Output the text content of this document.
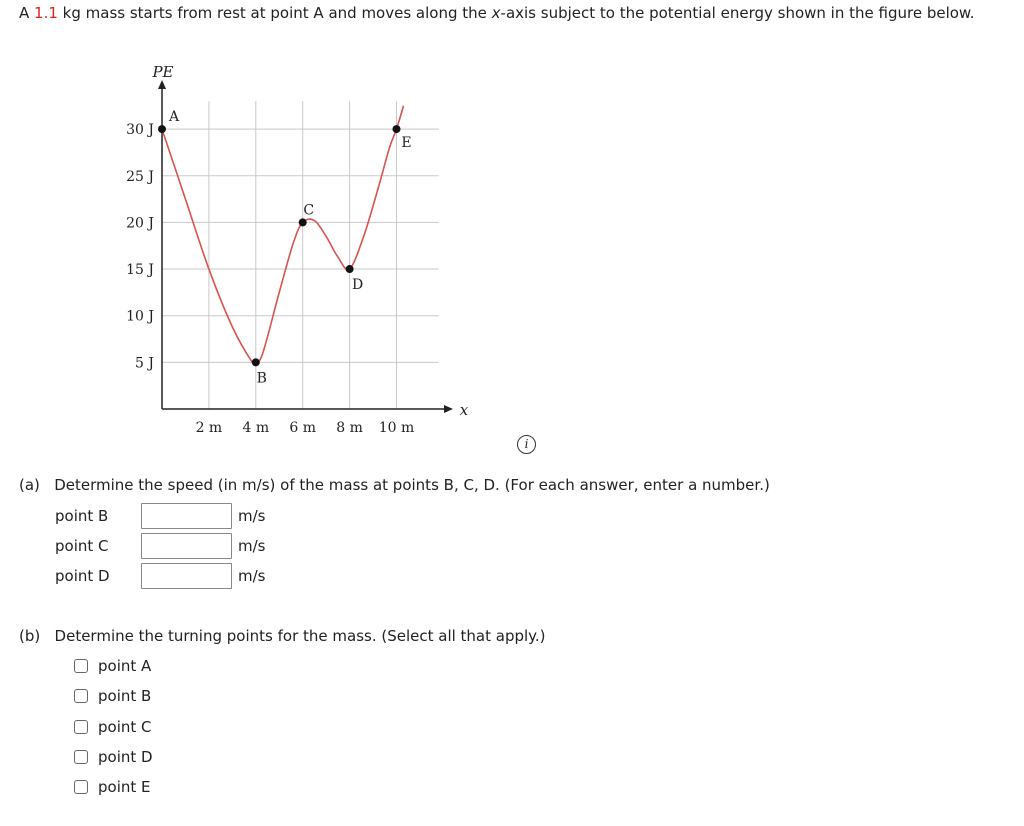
A 1.1 kg mass starts from rest at point A and moves along the x-axis subject to the potential energy shown in the figure below.
PE
x
2 m 4 m 6 m 8 m 10 m
5 J
10 J
15 J
20 J
25 J
30 J
A
B
C
D
E
i
(a) Determine the speed (in m/s) of the mass at points B, C, D. (For each answer, enter a number.)
point B	m/s
point C	m/s
point D	m/s
(b) Determine the turning points for the mass. (Select all that apply.)
point A
point B
point C
point D
point E
